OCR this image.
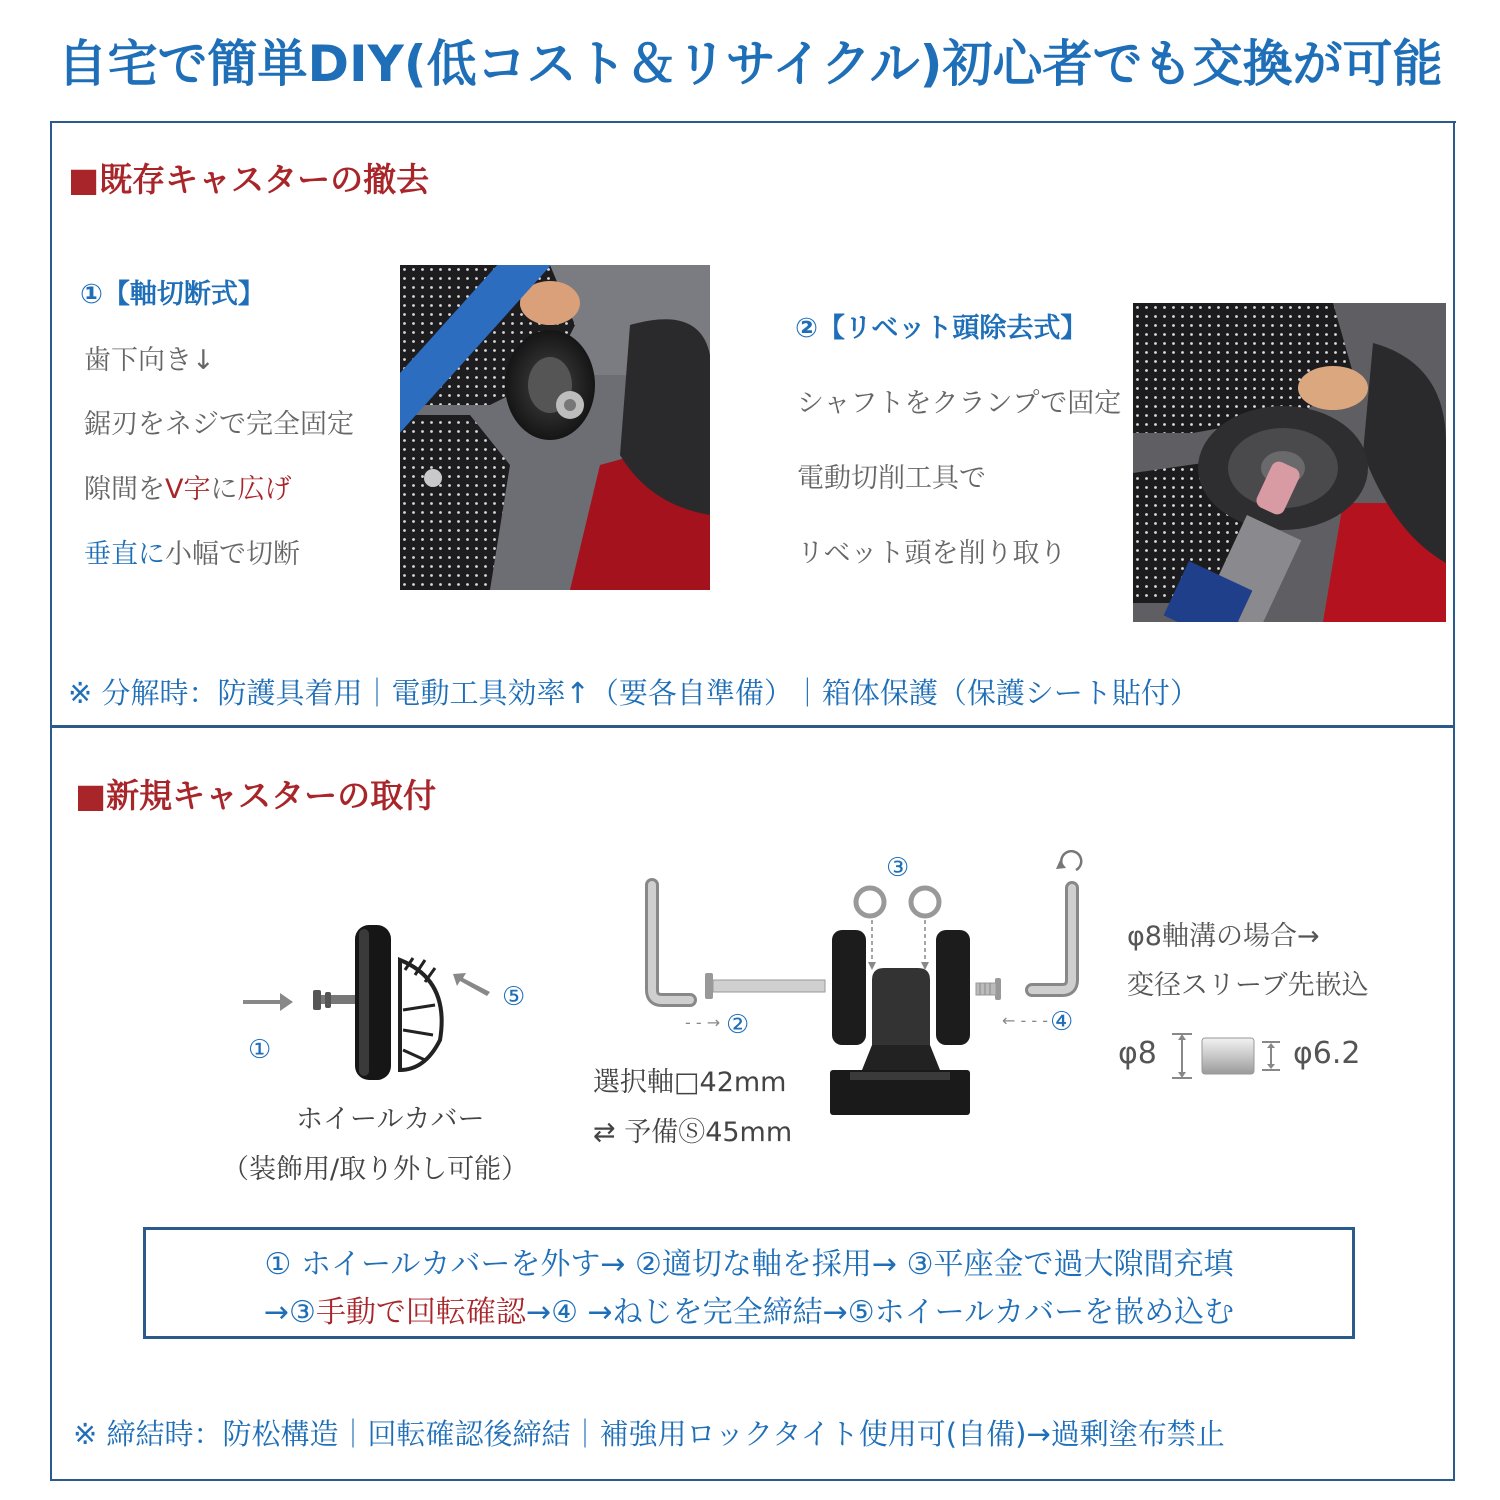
自宅で簡単DIY(低コスト＆リサイクル)初心者でも交換が可能
■既存キャスターの撤去
①【軸切断式】
歯下向き↓
鋸刃をネジで完全固定
隙間をV字に広げ
垂直に小幅で切断
②【リベット頭除去式】
シャフトをクランプで固定
電動切削工具で
リベット頭を削り取り
※ 分解時：防護具着用｜電動工具効率↑（要各自準備）｜箱体保護（保護シート貼付）
■新規キャスターの取付
①
⑤
ホイールカバー
（装飾用/取り外し可能）
- - →	← - - -
②
③
④
選択軸□42mm
⇄ 予備Ⓢ45mm
φ8軸溝の場合→
変径スリーブ先嵌込
φ8	φ6.2
① ホイールカバーを外す→ ②適切な軸を採用→ ③平座金で過大隙間充填
→③手動で回転確認→④ →ねじを完全締結→⑤ホイールカバーを嵌め込む
※ 締結時：防松構造｜回転確認後締結｜補強用ロックタイト使用可(自備)→過剰塗布禁止
